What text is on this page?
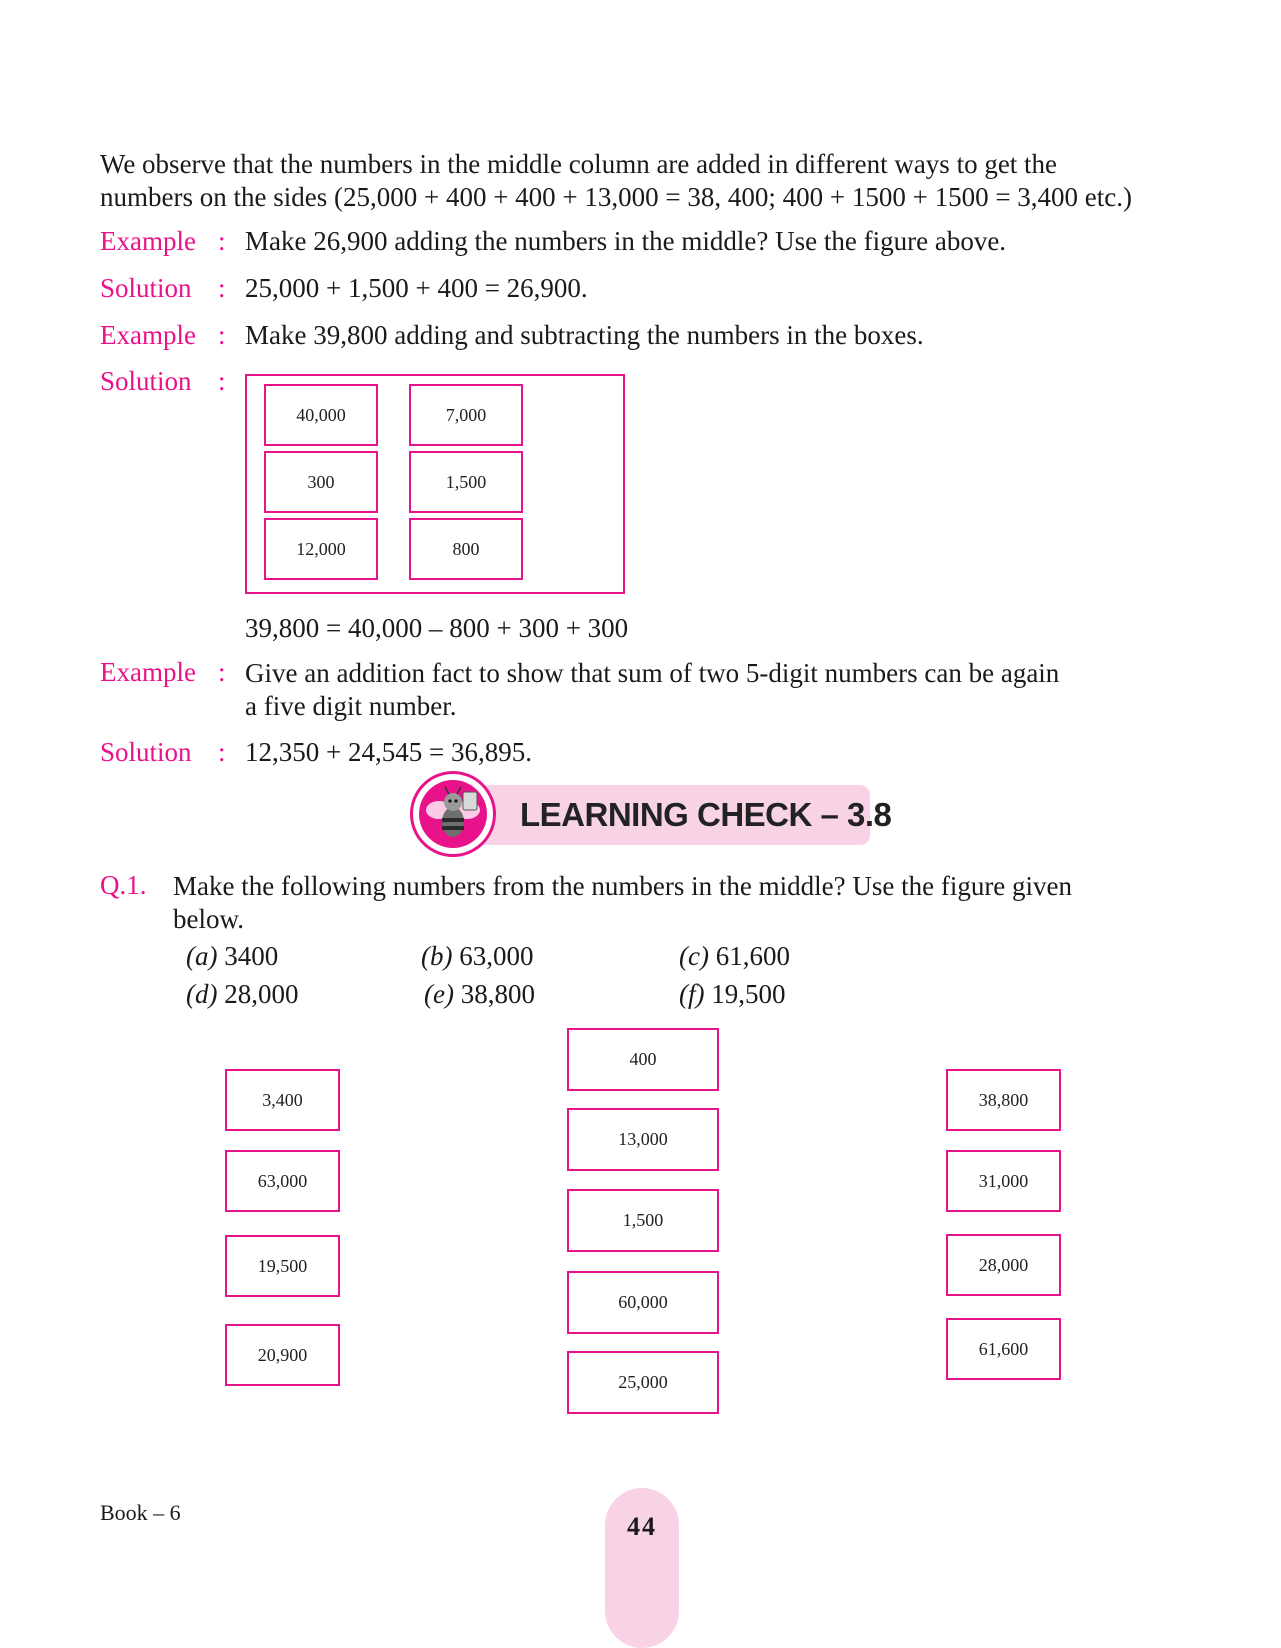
We observe that the numbers in the middle column are added in different ways to get the
numbers on the sides (25,000 + 400 + 400 + 13,000 = 38, 400; 400 + 1500 + 1500 = 3,400 etc.)
Example : Make 26,900 adding the numbers in the middle? Use the figure above.
Solution : 25,000 + 1,500 + 400 = 26,900.
Example : Make 39,800 adding and subtracting the numbers in the boxes.
Solution :
40,000	7,000
300	1,500
12,000	800
39,800 = 40,000 – 800 + 300 + 300
Example : Give an addition fact to show that sum of two 5-digit numbers can be again
a five digit number.
Solution : 12,350 + 24,545 = 36,895.
LEARNING CHECK – 3.8
Q.1. Make the following numbers from the numbers in the middle? Use the figure given
below.
(a) 3400	(b) 63,000	(c) 61,600
(d) 28,000	(e) 38,800	(f) 19,500
3,400
63,000
19,500
20,900
400
13,000
1,500
60,000
25,000
38,800
31,000
28,000
61,600
Book – 6	44
